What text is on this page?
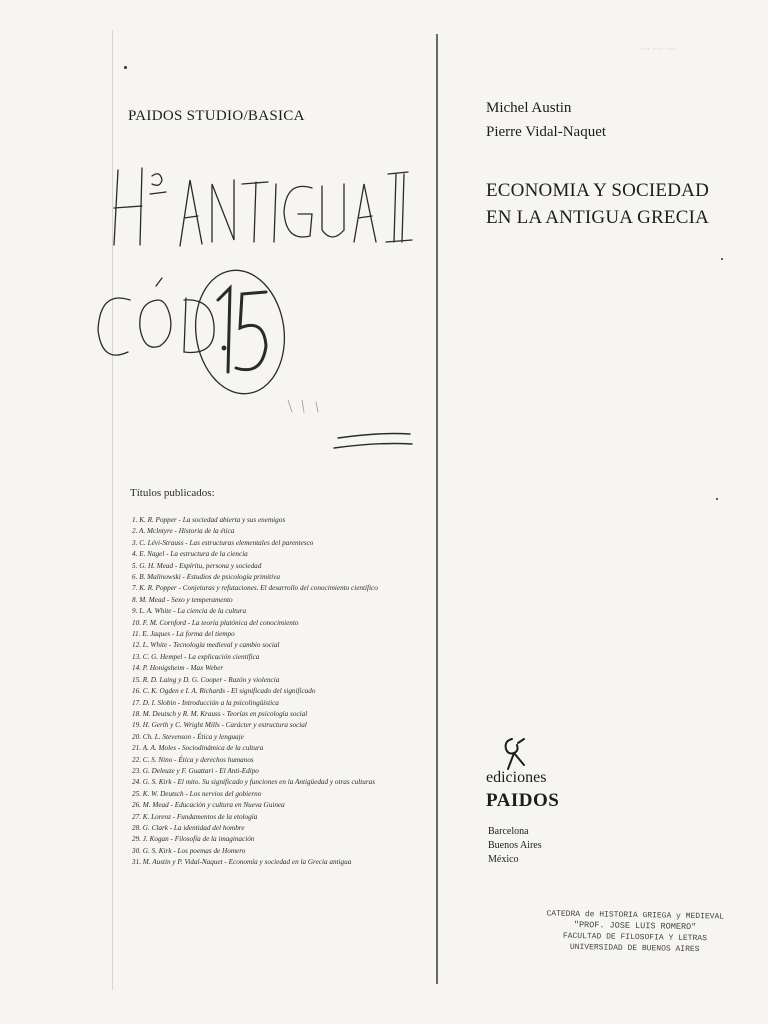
⋯ ⋯ ⋯
PAIDOS STUDIO/BASICA
Títulos publicados:
1. K. R. Popper - La sociedad abierta y sus enemigos
2. A. Mclntyre - Historia de la ética
3. C. Lévi-Strauss - Las estructuras elementales del parentesco
4. E. Nagel - La estructura de la ciencia
5. G. H. Mead - Espíritu, persona y sociedad
6. B. Malinowski - Estudios de psicología primitiva
7. K. R. Popper - Conjeturas y refutaciones. El desarrollo del conocimiento científico
8. M. Mead - Sexo y temperamento
9. L. A. White - La ciencia de la cultura
10. F. M. Cornford - La teoría platónica del conocimiento
11. E. Jaques - La forma del tiempo
12. L. White - Tecnología medieval y cambio social
13. C. G. Hempel - La explicación científica
14. P. Honigsheim - Max Weber
15. R. D. Laing y D. G. Cooper - Razón y violencia
16. C. K. Ogden e I. A. Richards - El significado del significado
17. D. I. Slobin - Introducción a la psicolingüística
18. M. Deutsch y R. M. Krauss - Teorías en psicología social
19. H. Gerth y C. Wright Mills - Carácter y estructura social
20. Ch. L. Stevenson - Ética y lenguaje
21. A. A. Moles - Sociodinámica de la cultura
22. C. S. Nino - Ética y derechos humanos
23. G. Deleuze y F. Guattari - El Anti-Edipo
24. G. S. Kirk - El mito. Su significado y funciones en la Antigüedad y otras culturas
25. K. W. Deutsch - Los nervios del gobierno
26. M. Mead - Educación y cultura en Nueva Guinea
27. K. Lorenz - Fundamentos de la etología
28. G. Clark - La identidad del hombre
29. J. Kogan - Filosofía de la imaginación
30. G. S. Kirk - Los poemas de Homero
31. M. Austin y P. Vidal-Naquet - Economía y sociedad en la Grecia antigua
Michel Austin
Pierre Vidal-Naquet
ECONOMIA Y SOCIEDAD
EN LA ANTIGUA GRECIA
ediciones
PAIDOS
Barcelona
Buenos Aires
México
CATEDRA de HISTORIA GRIEGA y MEDIEVAL
"PROF. JOSE LUIS ROMERO"
FACULTAD DE FILOSOFIA Y LETRAS
UNIVERSIDAD DE BUENOS AIRES
